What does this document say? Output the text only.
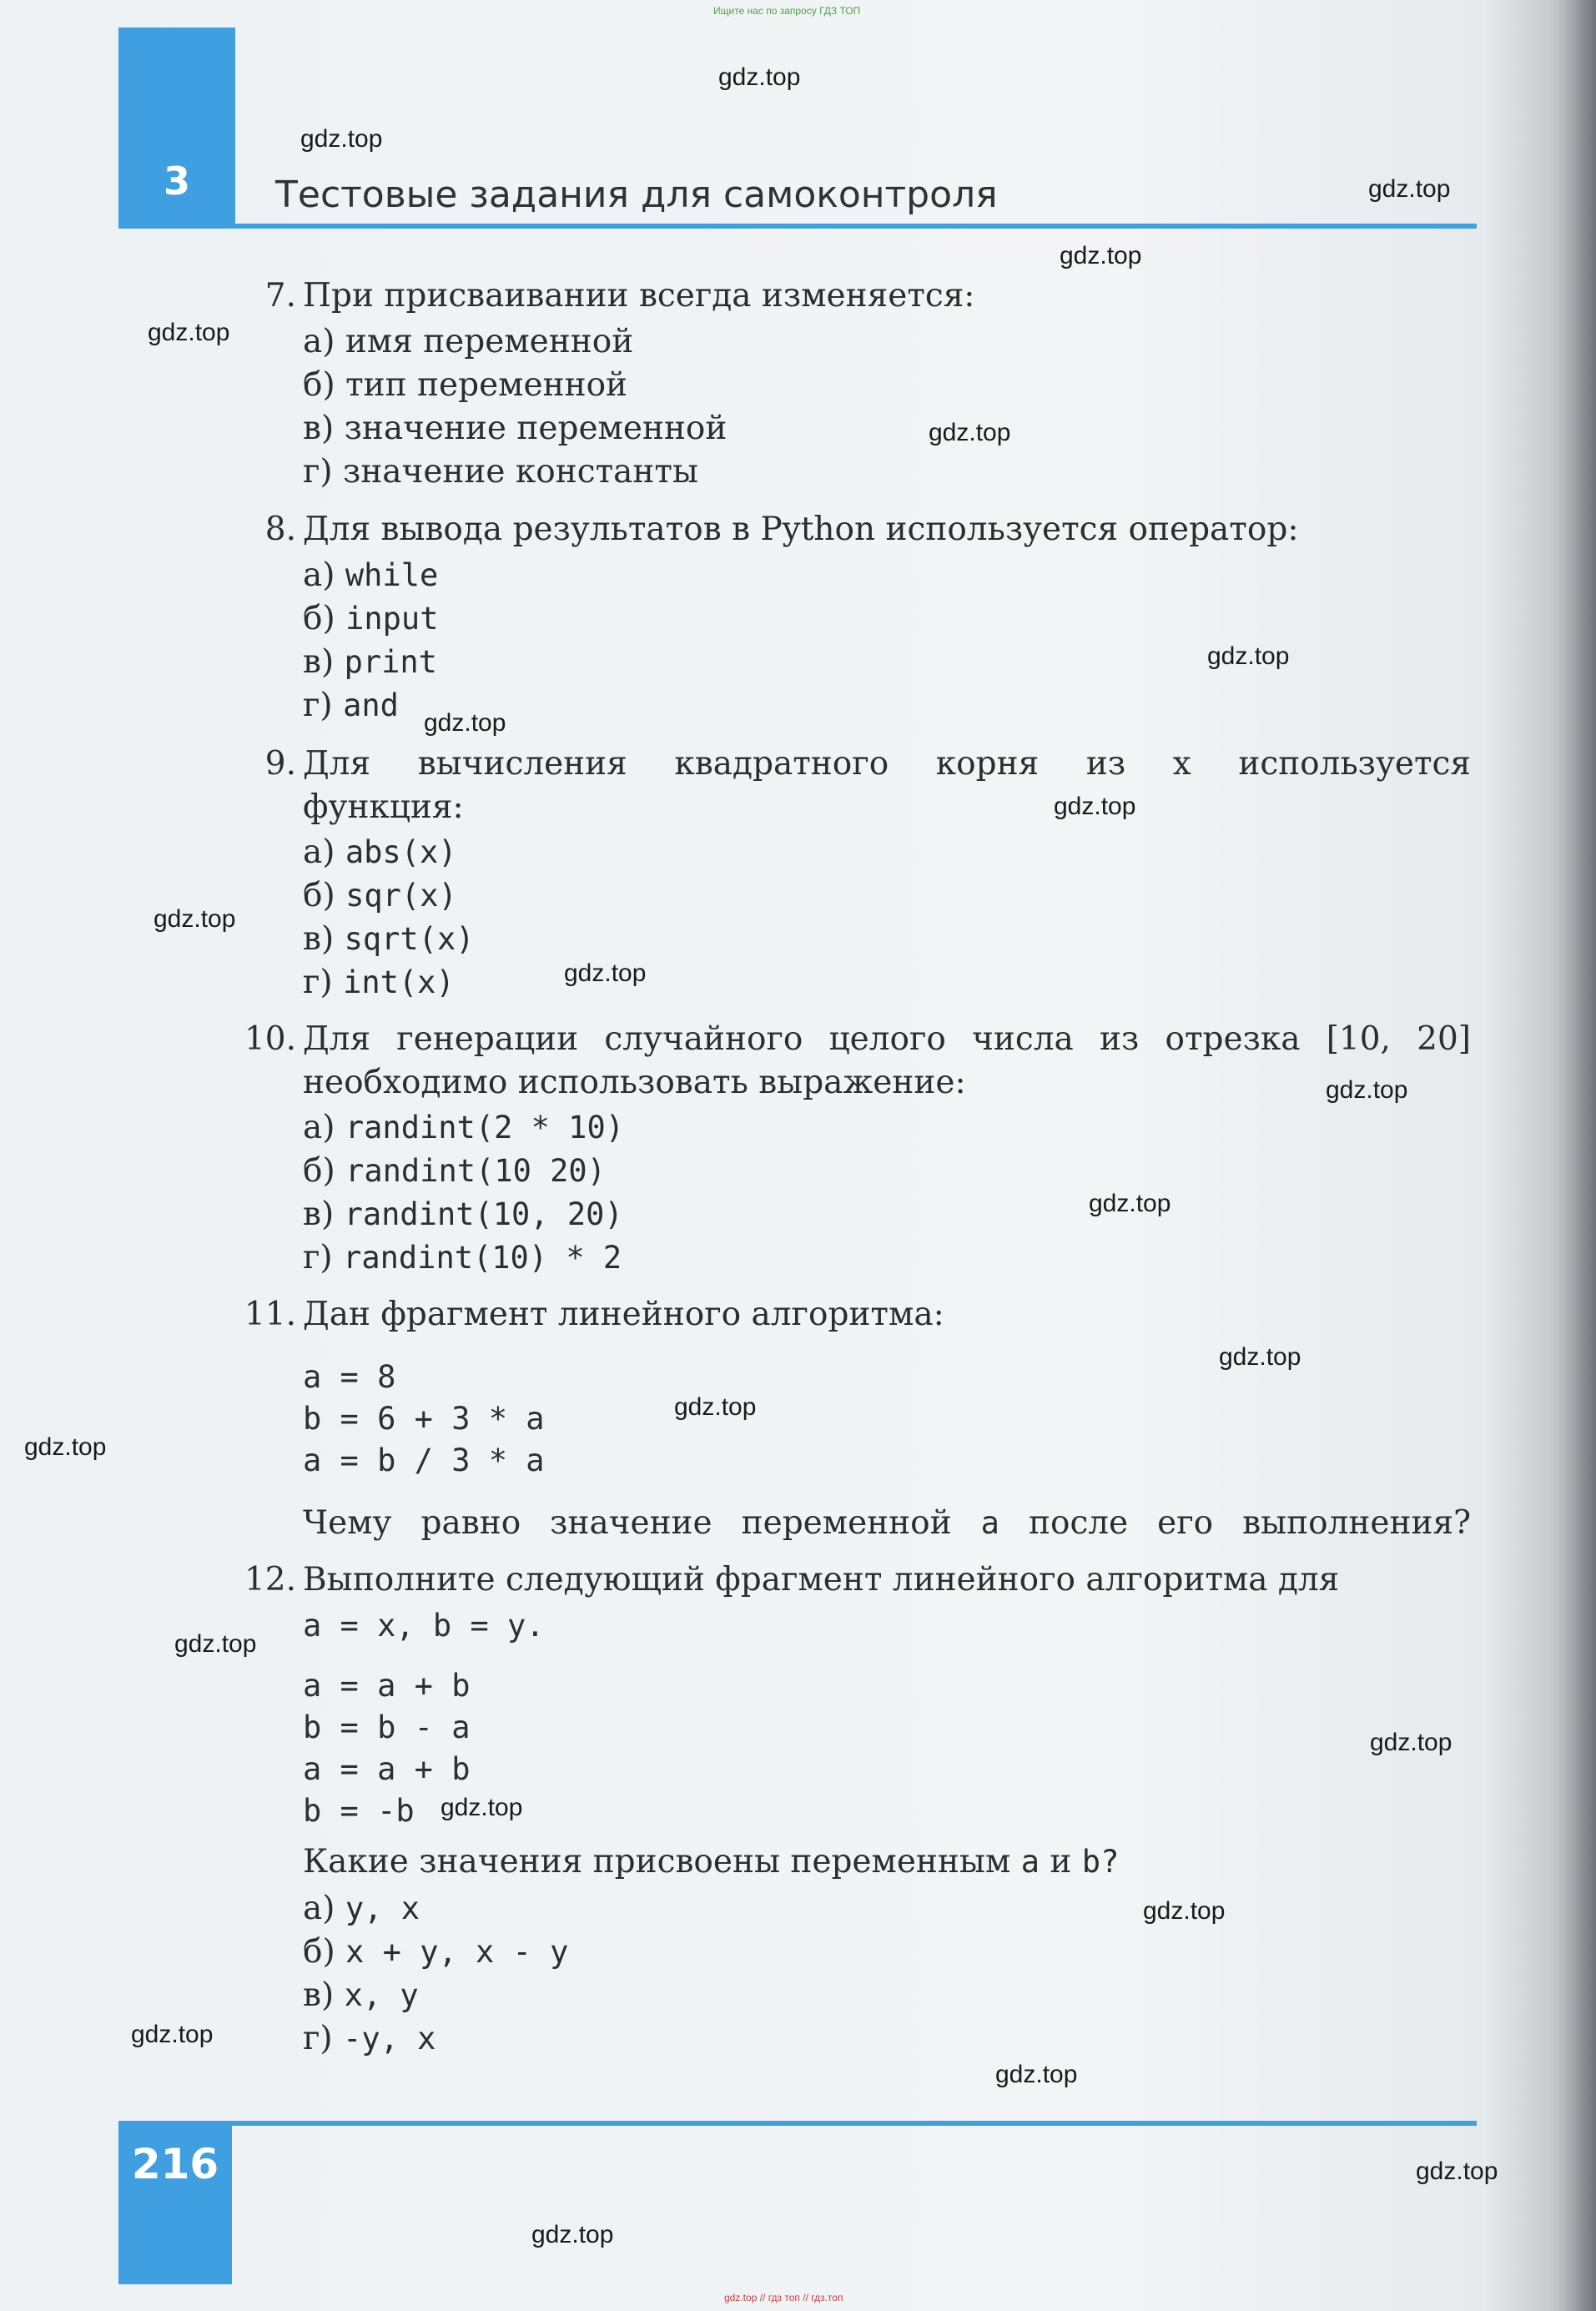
Ищите нас по запросу ГДЗ ТОП
3	Тестовые задания для самоконтроля
7. При присваивании всегда изменяется:
а) имя переменной
б) тип переменной
в) значение переменной
г) значение константы
8. Для вывода результатов в Python используется оператор:
а) while
б) input
в) print
г) and
9. Для вычисления квадратного корня из x используется
функция:
а) abs(x)
б) sqr(x)
в) sqrt(x)
г) int(x)
10. Для генерации случайного целого числа из отрезка [10, 20]
необходимо использовать выражение:
а) randint(2 * 10)
б) randint(10 20)
в) randint(10, 20)
г) randint(10) * 2
11. Дан фрагмент линейного алгоритма:
a = 8
b = 6 + 3 * a
a = b / 3 * a
Чему равно значение переменной a после его выполнения?
12. Выполните следующий фрагмент линейного алгоритма для
a = x, b = y.
a = a + b
b = b - a
a = a + b
b = -b
Какие значения присвоены переменным a и b?
а) y, x
б) x + y, x - y
в) x, y
г) -y, x
216
gdz.top
gdz.top
gdz.top
gdz.top
gdz.top
gdz.top
gdz.top
gdz.top
gdz.top
gdz.top
gdz.top
gdz.top
gdz.top
gdz.top
gdz.top
gdz.top
gdz.top
gdz.top
gdz.top
gdz.top
gdz.top
gdz.top
gdz.top
gdz.top
gdz.top // гдз топ // гдз.топ
